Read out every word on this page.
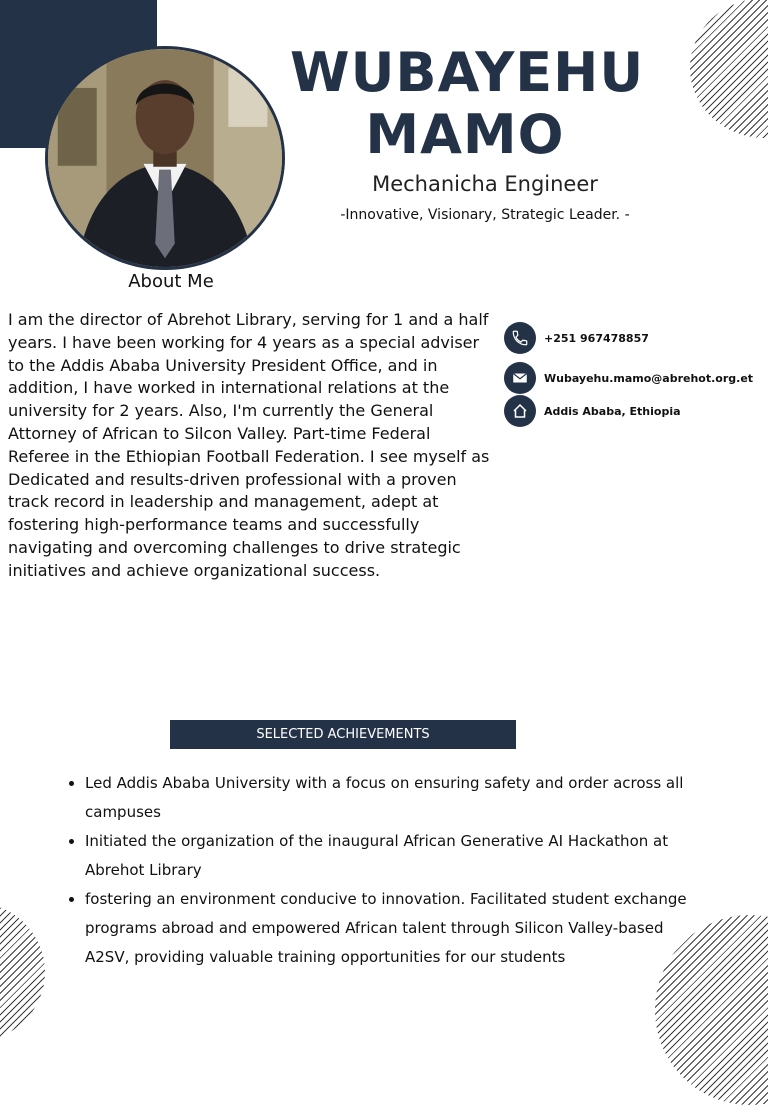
WUBAYEHU MAMO
Mechanicha Engineer
-Innovative, Visionary, Strategic Leader. -
About Me

I am the director of Abrehot Library, serving for 1 and a half years. I have been working for 4 years as a special adviser to the Addis Ababa University President Office, and in addition, I have worked in international relations at the university for 2 years. Also, I'm currently the General Attorney of African to Silcon Valley. Part-time Federal Referee in the Ethiopian Football Federation. I see myself as Dedicated and results-driven professional with a proven track record in leadership and management, adept at fostering high-performance teams and successfully navigating and overcoming challenges to drive strategic initiatives and achieve organizational success.

+251 967478857
Wubayehu.mamo@abrehot.org.et
Addis Ababa, Ethiopia
SELECTED ACHIEVEMENTS
• Led Addis Ababa University with a focus on ensuring safety and order across all campuses
• Initiated the organization of the inaugural African Generative AI Hackathon at Abrehot Library
• fostering an environment conducive to innovation. Facilitated student exchange programs abroad and empowered African talent through Silicon Valley-based A2SV, providing valuable training opportunities for our students
